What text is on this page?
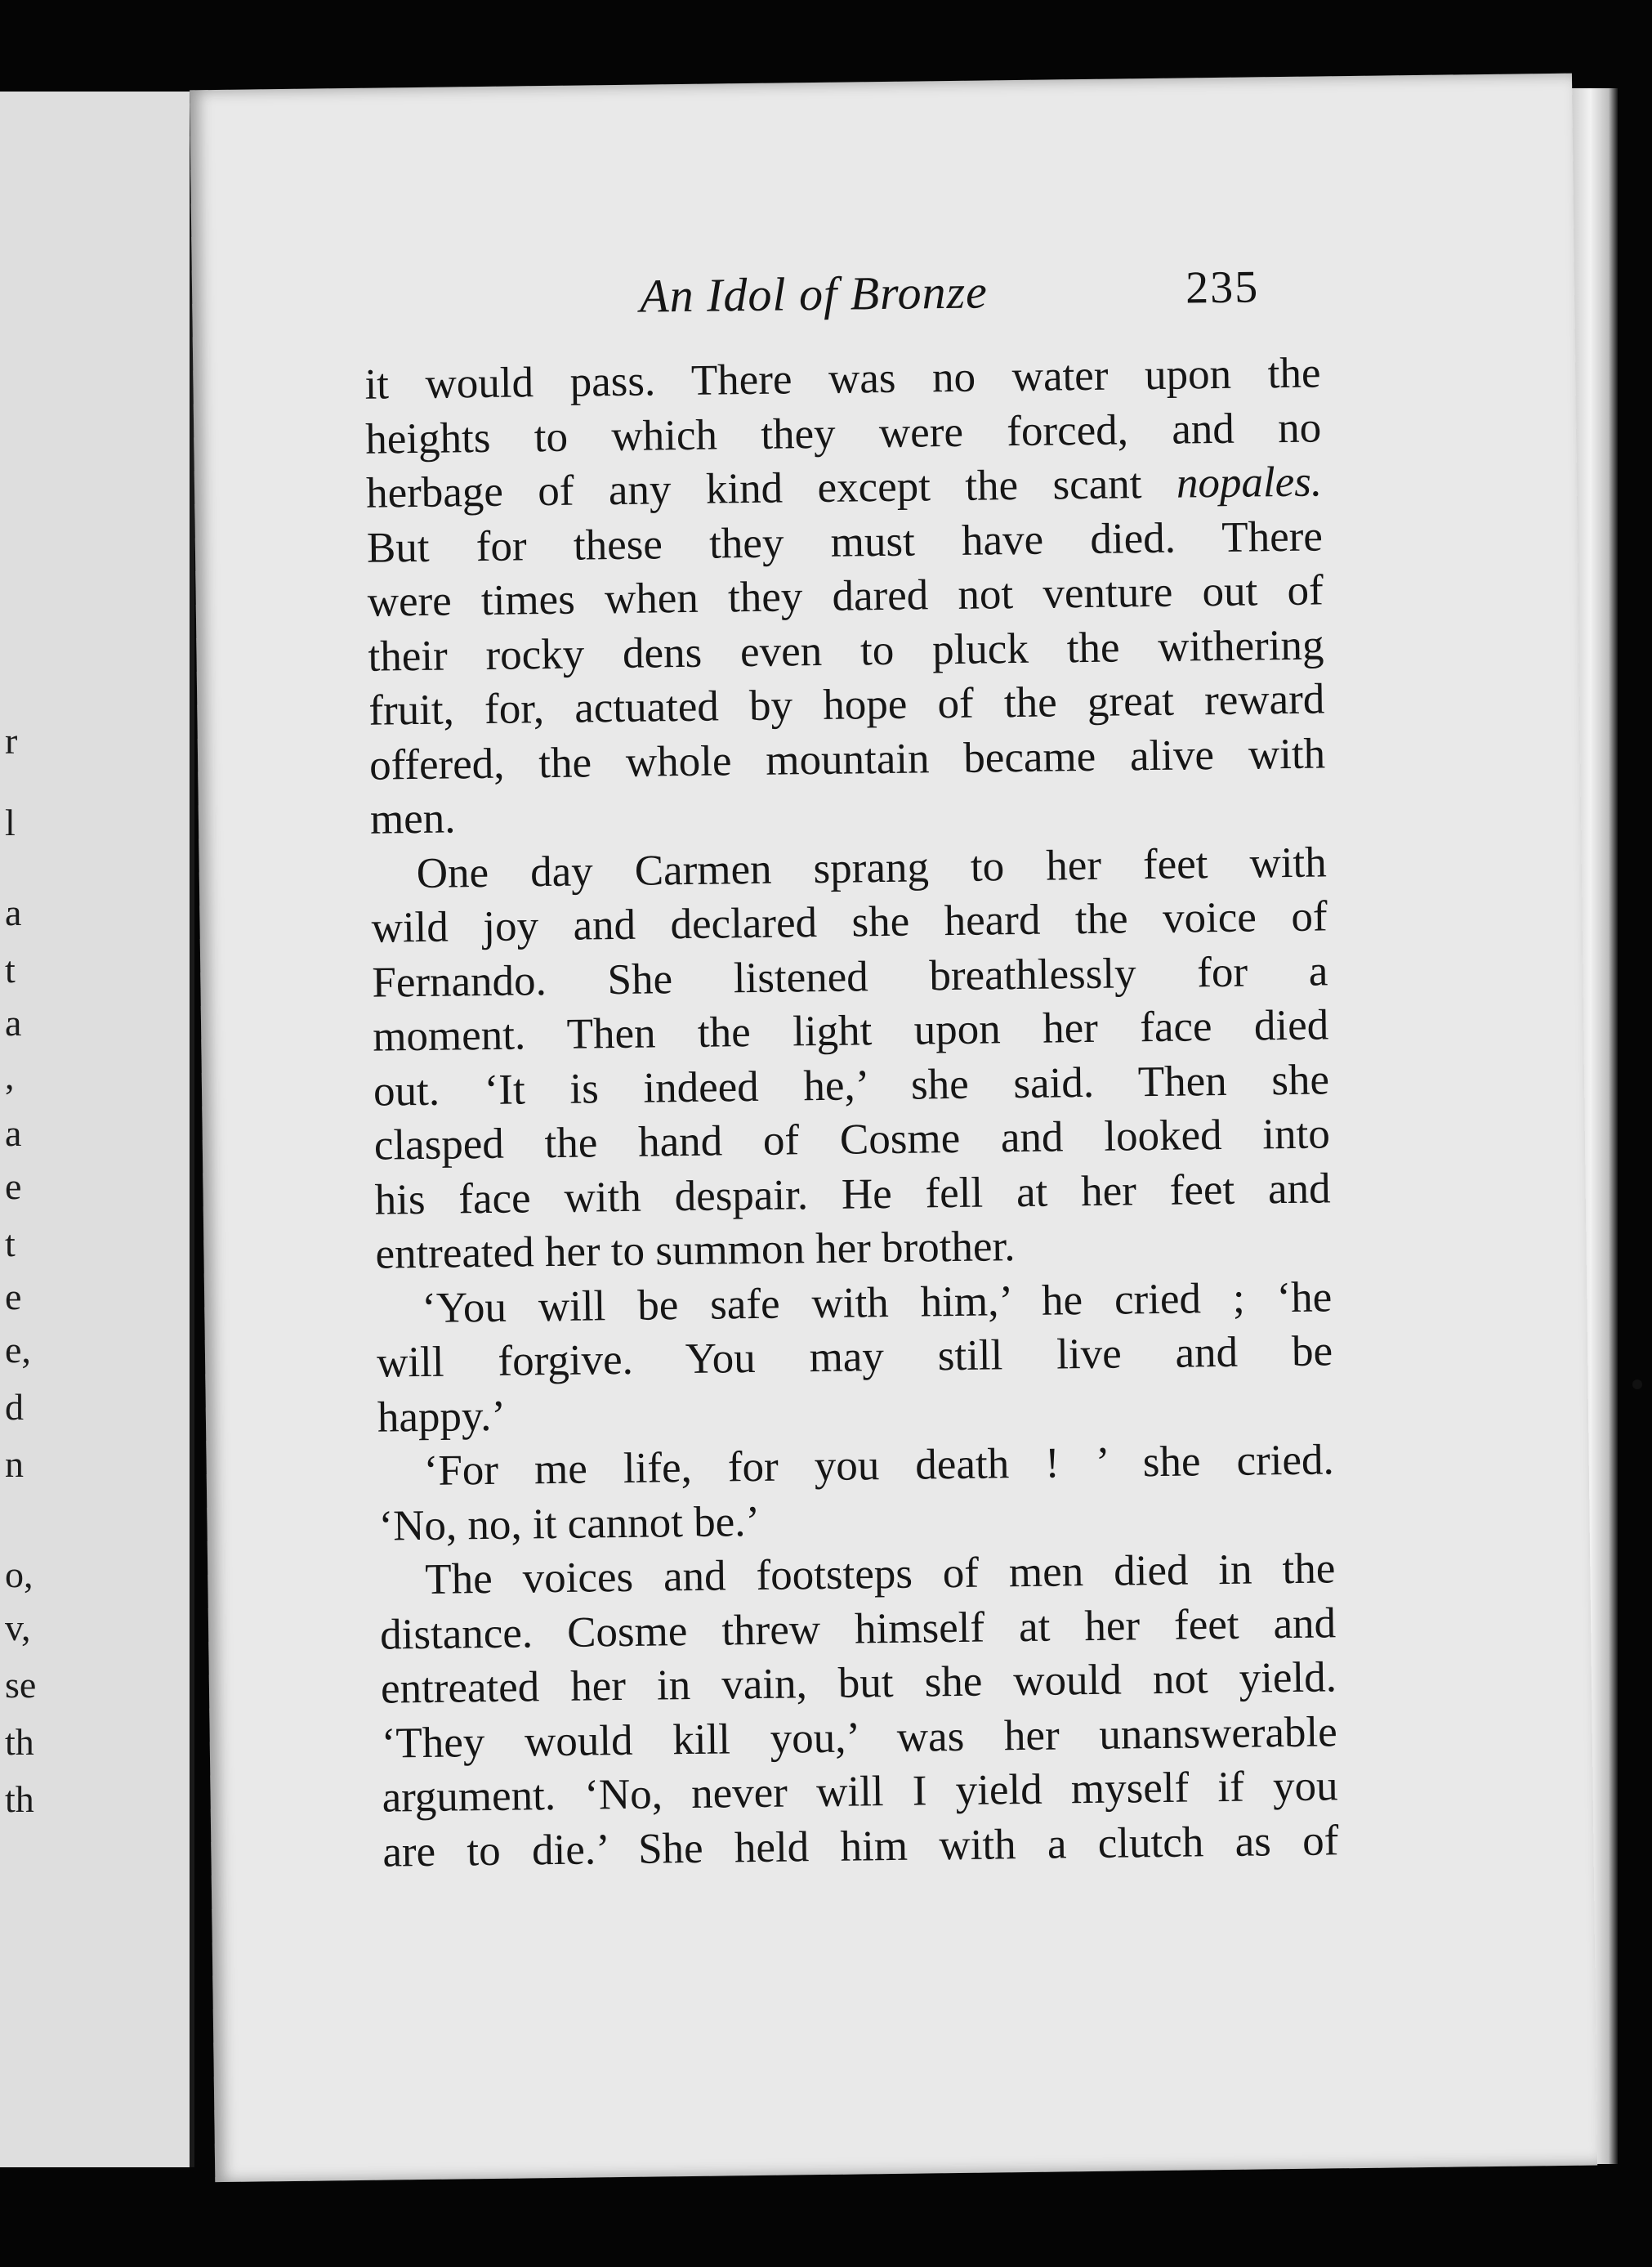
r
l
a
t
a
,
a
e
t
e
e,
d
n
o,
v,
se
th
th
An Idol of Bronze	235
it would pass. There was no water upon the
heights to which they were forced, and no
herbage of any kind except the scant nopales.
But for these they must have died. There
were times when they dared not venture out of
their rocky dens even to pluck the withering
fruit, for, actuated by hope of the great reward
offered, the whole mountain became alive with
men.
One day Carmen sprang to her feet with
wild joy and declared she heard the voice of
Fernando. She listened breathlessly for a
moment. Then the light upon her face died
out. ‘It is indeed he,’ she said. Then she
clasped the hand of Cosme and looked into
his face with despair. He fell at her feet and
entreated her to summon her brother.
‘You will be safe with him,’ he cried ; ‘he
will forgive. You may still live and be
happy.’
‘For me life, for you death ! ’ she cried.
‘No, no, it cannot be.’
The voices and footsteps of men died in the
distance. Cosme threw himself at her feet and
entreated her in vain, but she would not yield.
‘They would kill you,’ was her unanswerable
argument. ‘No, never will I yield myself if you
are to die.’ She held him with a clutch as of
